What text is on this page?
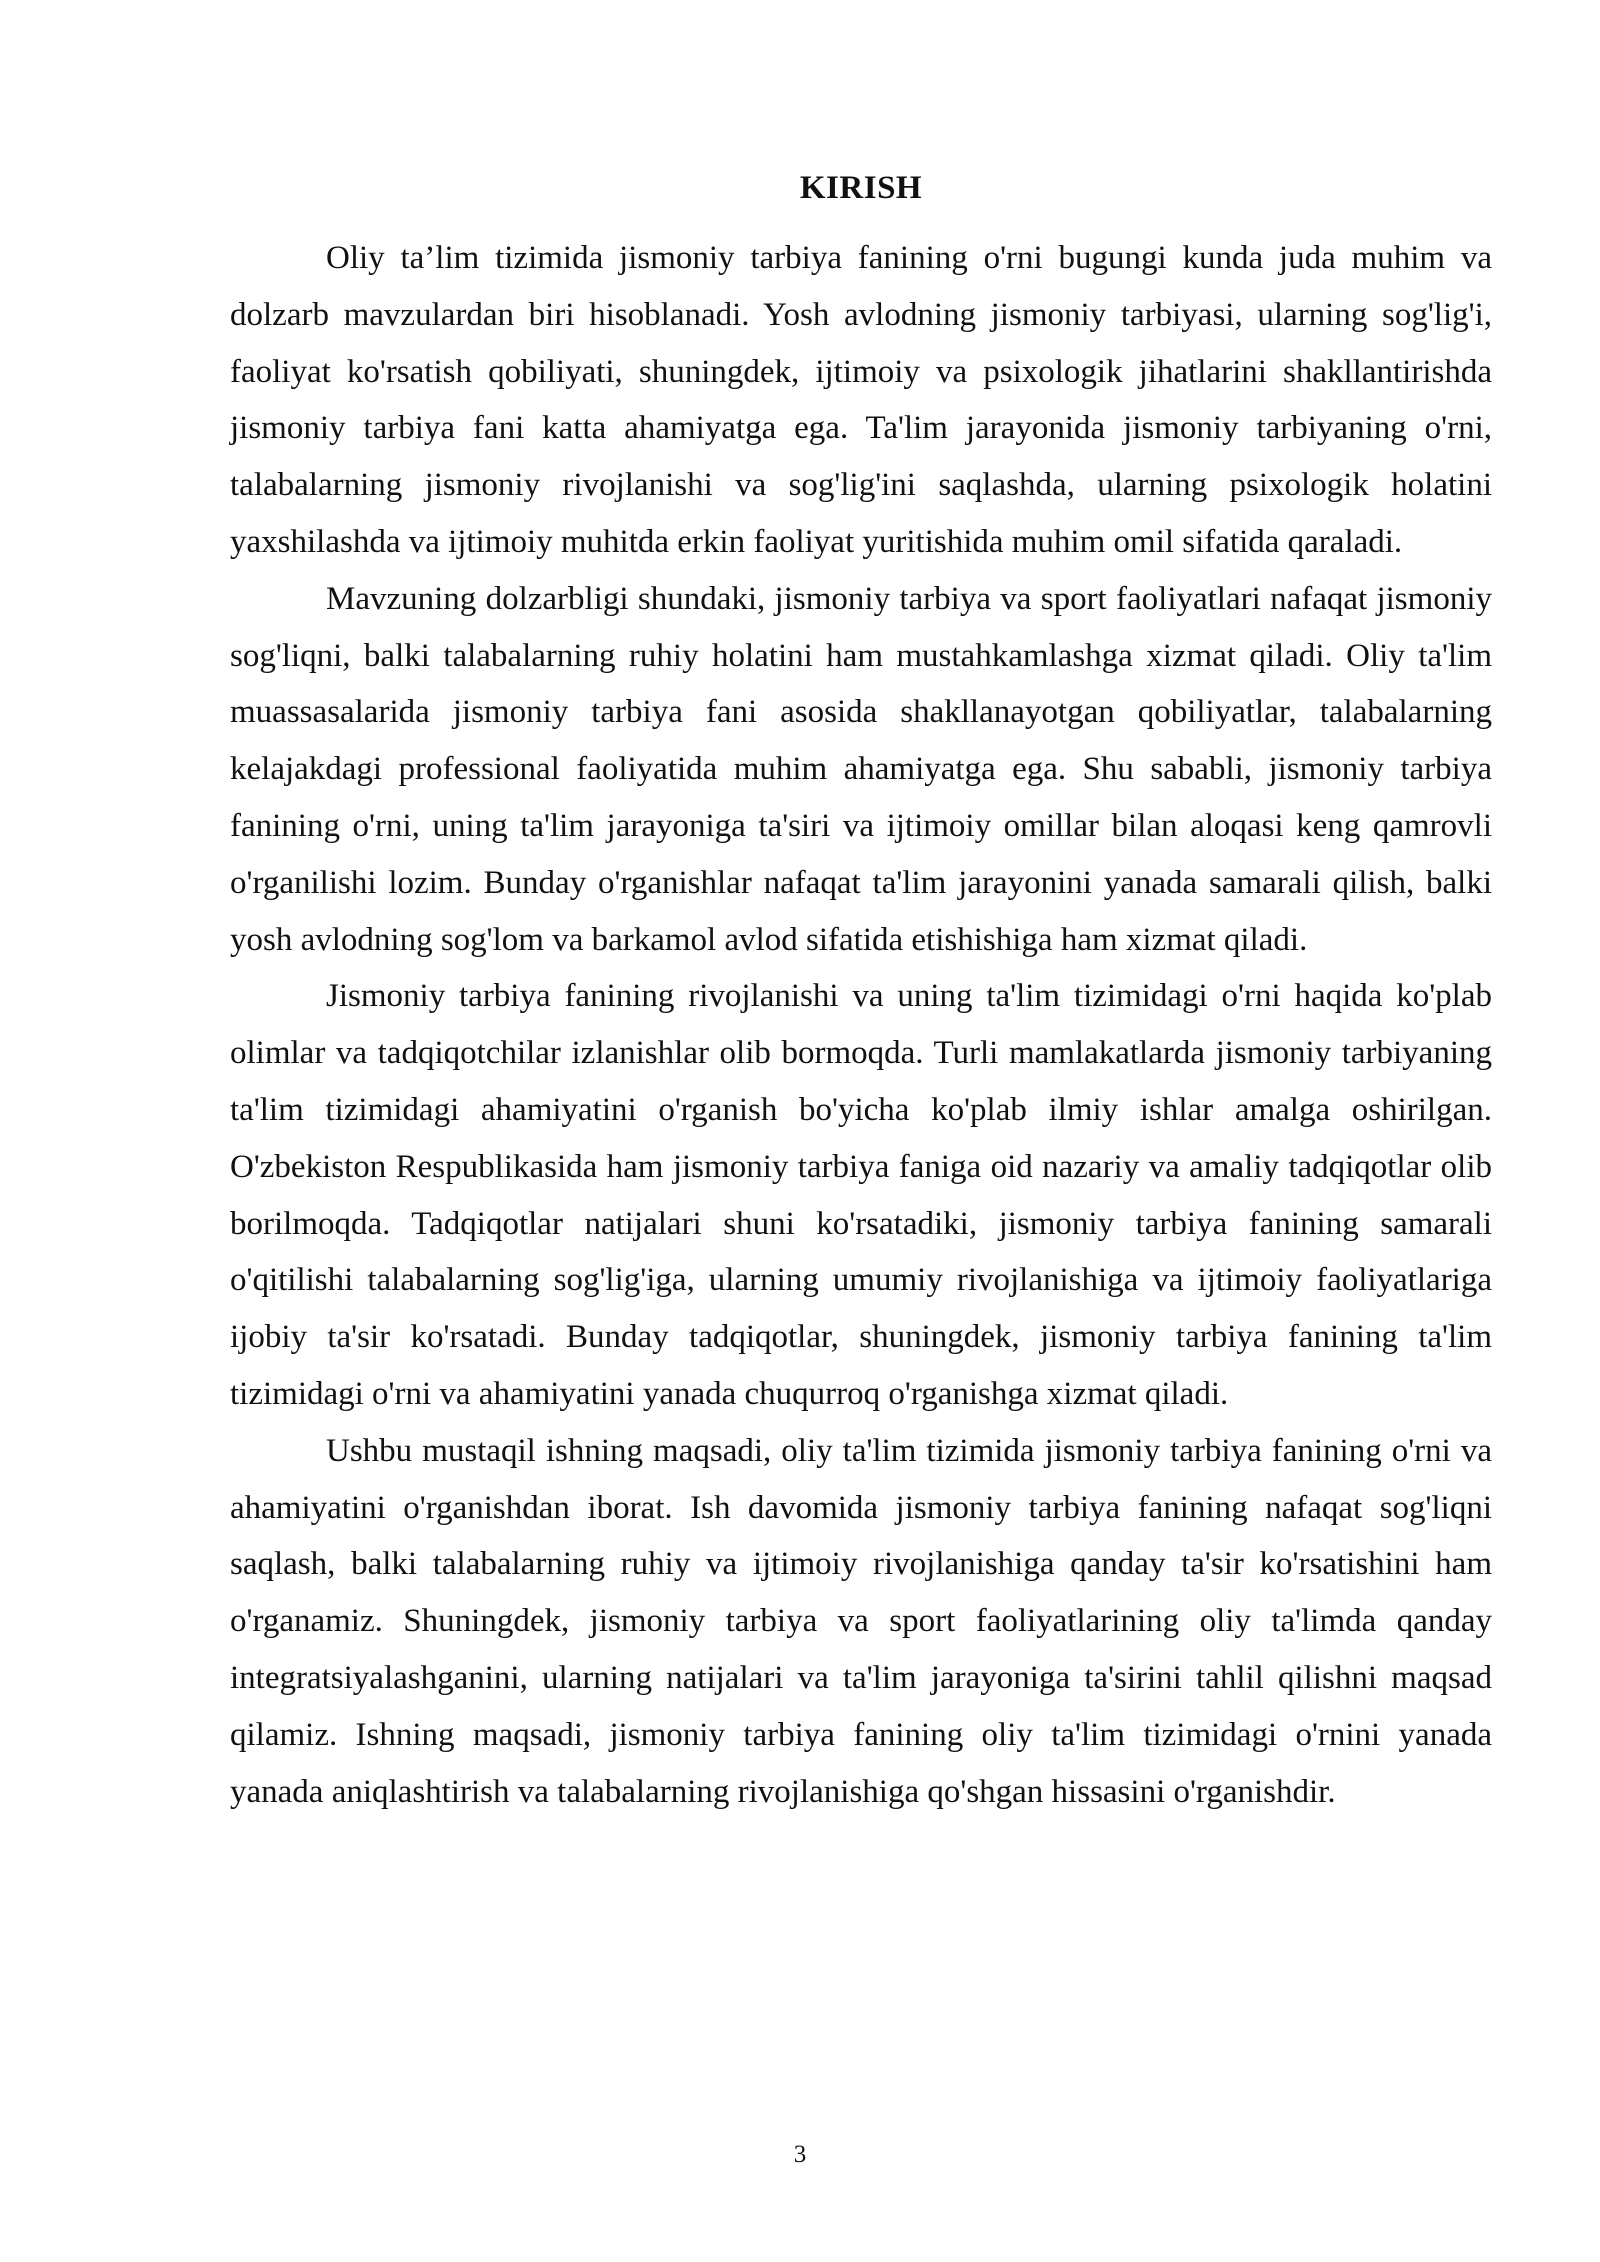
KIRISH

Oliy ta’lim tizimida jismoniy tarbiya fanining o'rni bugungi kunda juda muhim va dolzarb mavzulardan biri hisoblanadi. Yosh avlodning jismoniy tarbiyasi, ularning sog'lig'i, faoliyat ko'rsatish qobiliyati, shuningdek, ijtimoiy va psixologik jihatlarini shakllantirishda jismoniy tarbiya fani katta ahamiyatga ega. Ta'lim jarayonida jismoniy tarbiyaning o'rni, talabalarning jismoniy rivojlanishi va sog'lig'ini saqlashda, ularning psixologik holatini yaxshilashda va ijtimoiy muhitda erkin faoliyat yuritishida muhim omil sifatida qaraladi.

Mavzuning dolzarbligi shundaki, jismoniy tarbiya va sport faoliyatlari nafaqat jismoniy sog'liqni, balki talabalarning ruhiy holatini ham mustahkamlashga xizmat qiladi. Oliy ta'lim muassasalarida jismoniy tarbiya fani asosida shakllanayotgan qobiliyatlar, talabalarning kelajakdagi professional faoliyatida muhim ahamiyatga ega. Shu sababli, jismoniy tarbiya fanining o'rni, uning ta'lim jarayoniga ta'siri va ijtimoiy omillar bilan aloqasi keng qamrovli o'rganilishi lozim. Bunday o'rganishlar nafaqat ta'lim jarayonini yanada samarali qilish, balki yosh avlodning sog'lom va barkamol avlod sifatida etishishiga ham xizmat qiladi.

Jismoniy tarbiya fanining rivojlanishi va uning ta'lim tizimidagi o'rni haqida ko'plab olimlar va tadqiqotchilar izlanishlar olib bormoqda. Turli mamlakatlarda jismoniy tarbiyaning ta'lim tizimidagi ahamiyatini o'rganish bo'yicha ko'plab ilmiy ishlar amalga oshirilgan. O'zbekiston Respublikasida ham jismoniy tarbiya faniga oid nazariy va amaliy tadqiqotlar olib borilmoqda. Tadqiqotlar natijalari shuni ko'rsatadiki, jismoniy tarbiya fanining samarali o'qitilishi talabalarning sog'lig'iga, ularning umumiy rivojlanishiga va ijtimoiy faoliyatlariga ijobiy ta'sir ko'rsatadi. Bunday tadqiqotlar, shuningdek, jismoniy tarbiya fanining ta'lim tizimidagi o'rni va ahamiyatini yanada chuqurroq o'rganishga xizmat qiladi.

Ushbu mustaqil ishning maqsadi, oliy ta'lim tizimida jismoniy tarbiya fanining o'rni va ahamiyatini o'rganishdan iborat. Ish davomida jismoniy tarbiya fanining nafaqat sog'liqni saqlash, balki talabalarning ruhiy va ijtimoiy rivojlanishiga qanday ta'sir ko'rsatishini ham o'rganamiz. Shuningdek, jismoniy tarbiya va sport faoliyatlarining oliy ta'limda qanday integratsiyalashganini, ularning natijalari va ta'lim jarayoniga ta'sirini tahlil qilishni maqsad qilamiz. Ishning maqsadi, jismoniy tarbiya fanining oliy ta'lim tizimidagi o'rnini yanada yanada aniqlashtirish va talabalarning rivojlanishiga qo'shgan hissasini o'rganishdir.

3
